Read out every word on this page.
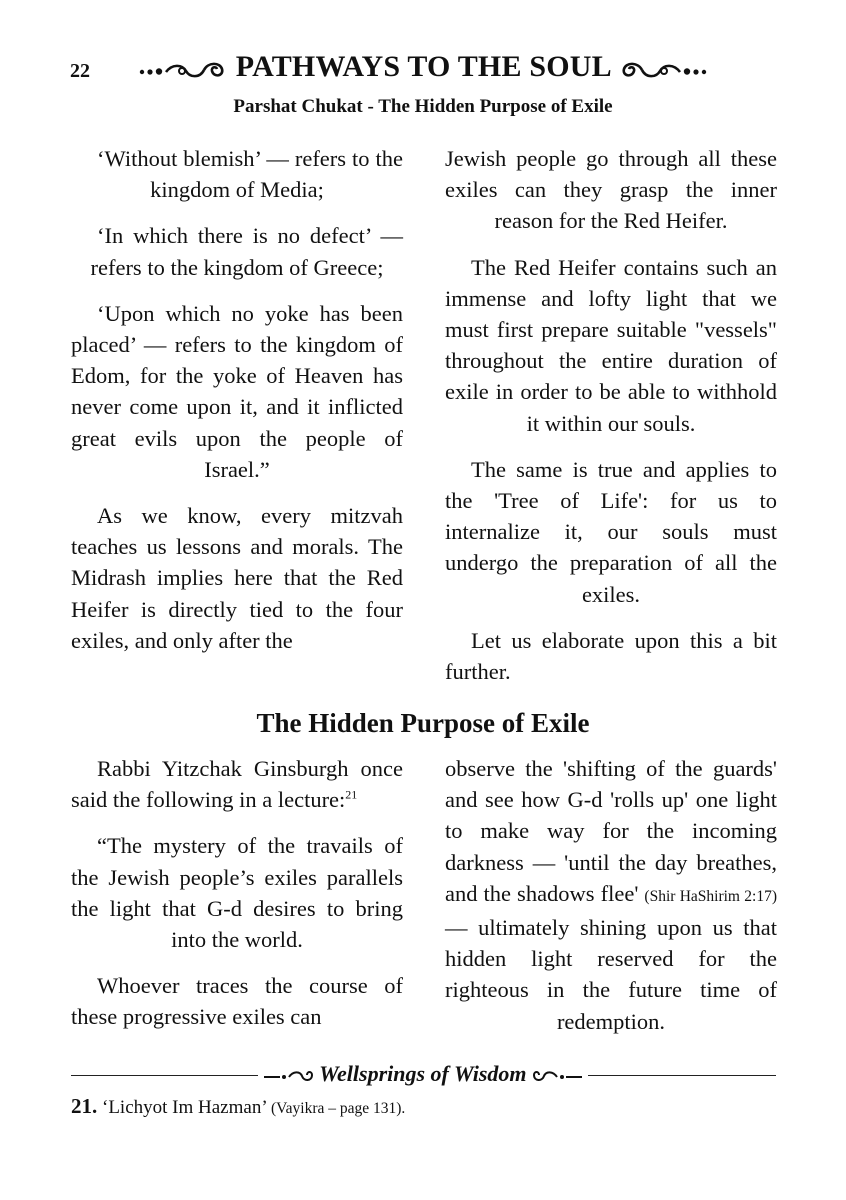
22	PATHWAYS TO THE SOUL
Parshat Chukat - The Hidden Purpose of Exile

‘Without blemish’ — refers to the kingdom of Media;

‘In which there is no defect’ — refers to the kingdom of Greece;

‘Upon which no yoke has been placed’ — refers to the kingdom of Edom, for the yoke of Heaven has never come upon it, and it inflicted great evils upon the people of Israel.”

As we know, every mitzvah teaches us lessons and morals. The Midrash implies here that the Red Heifer is directly tied to the four exiles, and only after the

Jewish people go through all these exiles can they grasp the inner reason for the Red Heifer.

The Red Heifer contains such an immense and lofty light that we must first prepare suitable "vessels" throughout the entire duration of exile in order to be able to withhold it within our souls.

The same is true and applies to the 'Tree of Life': for us to internalize it, our souls must undergo the preparation of all the exiles.

Let us elaborate upon this a bit further.

The Hidden Purpose of Exile

Rabbi Yitzchak Ginsburgh once said the following in a lecture:$^{21}$

“The mystery of the travails of the Jewish people’s exiles parallels the light that G-d desires to bring into the world.

Whoever traces the course of these progressive exiles can

observe the 'shifting of the guards' and see how G-d 'rolls up' one light to make way for the incoming darkness — 'until the day breathes, and the shadows flee' (Shir HaShirim 2:17) — ultimately shining upon us that hidden light reserved for the righteous in the future time of redemption.

Wellsprings of Wisdom
21. ‘Lichyot Im Hazman’ (Vayikra – page 131).
